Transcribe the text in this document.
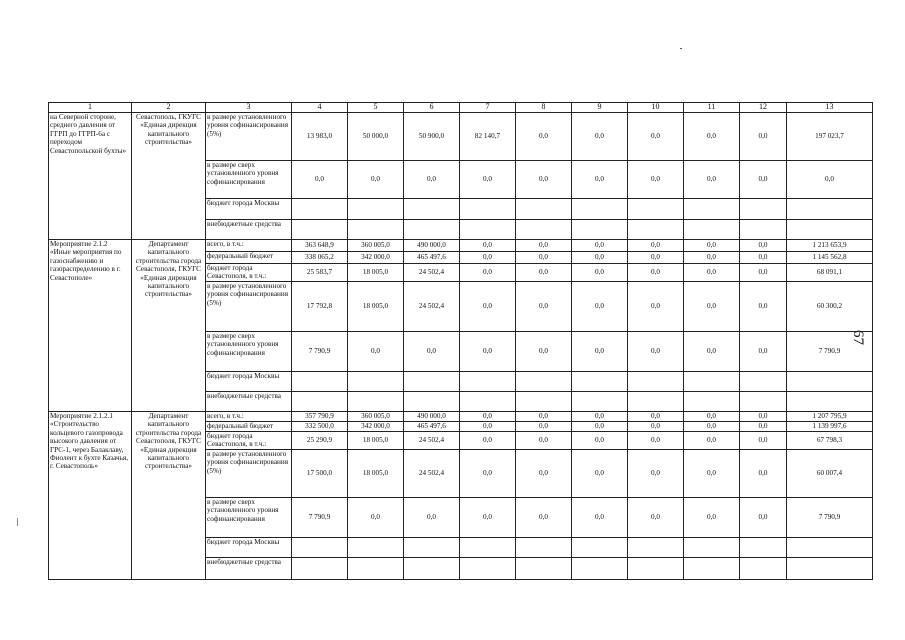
67
1	2	3	4	5	6	7	8	9	10	11	12	13
на Северной стороне, среднего давления от ГГРП до ГГРП-6а с переходом Севастопольской бухты»	Севастополь, ГКУГС «Единая дирекция капитального строительства»	в размере установленного уровня софинансирования (5%)	13 983,0	50 000,0	50 900,0	82 140,7	0,0	0,0	0,0	0,0	0,0	197 023,7
		в размере сверх установленного уровня софинансирования	0,0	0,0	0,0	0,0	0,0	0,0	0,0	0,0	0,0	0,0
		бюджет города Москвы										
		внебюджетные средства										
Мероприятие 2.1.2 «Иные мероприятия по газоснабжению и газораспределению в г. Севастополе»	Департамент капитального строительства города Севастополя, ГКУГС «Единая дирекция капитального строительства»	всего, в т.ч.:	363 648,9	360 005,0	490 000,0	0,0	0,0	0,0	0,0	0,0	0,0	1 213 653,9
		федеральный бюджет	338 065,2	342 000,0	465 497,6	0,0	0,0	0,0	0,0	0,0	0,0	1 145 562,8
		бюджет города Севастополя, в т.ч.:	25 583,7	18 005,0	24 502,4	0,0	0,0	0,0	0,0	0,0	0,0	68 091,1
		в размере установленного уровня софинансирования (5%)	17 792,8	18 005,0	24 502,4	0,0	0,0	0,0	0,0	0,0	0,0	60 300,2
		в размере сверх установленного уровня софинансирования	7 790,9	0,0	0,0	0,0	0,0	0,0	0,0	0,0	0,0	7 790,9
		бюджет города Москвы										
		внебюджетные средства										
Мероприятие 2.1.2.1 «Строительство кольцевого газопровода высокого давления от ГРС-1, через Балаклаву, Фиолент к бухте Казачья, г. Севастополь»	Департамент капитального строительства города Севастополя, ГКУГС «Единая дирекция капитального строительства»	всего, в т.ч.:	357 790,9	360 005,0	490 000,0	0,0	0,0	0,0	0,0	0,0	0,0	1 207 795,9
		федеральный бюджет	332 500,0	342 000,0	465 497,6	0,0	0,0	0,0	0,0	0,0	0,0	1 139 997,6
		бюджет города Севастополя, в т.ч.:	25 290,9	18 005,0	24 502,4	0,0	0,0	0,0	0,0	0,0	0,0	67 798,3
		в размере установленного уровня софинансирования (5%)	17 500,0	18 005,0	24 502,4	0,0	0,0	0,0	0,0	0,0	0,0	60 007,4
		в размере сверх установленного уровня софинансирования	7 790,9	0,0	0,0	0,0	0,0	0,0	0,0	0,0	0,0	7 790,9
		бюджет города Москвы										
		внебюджетные средства										
